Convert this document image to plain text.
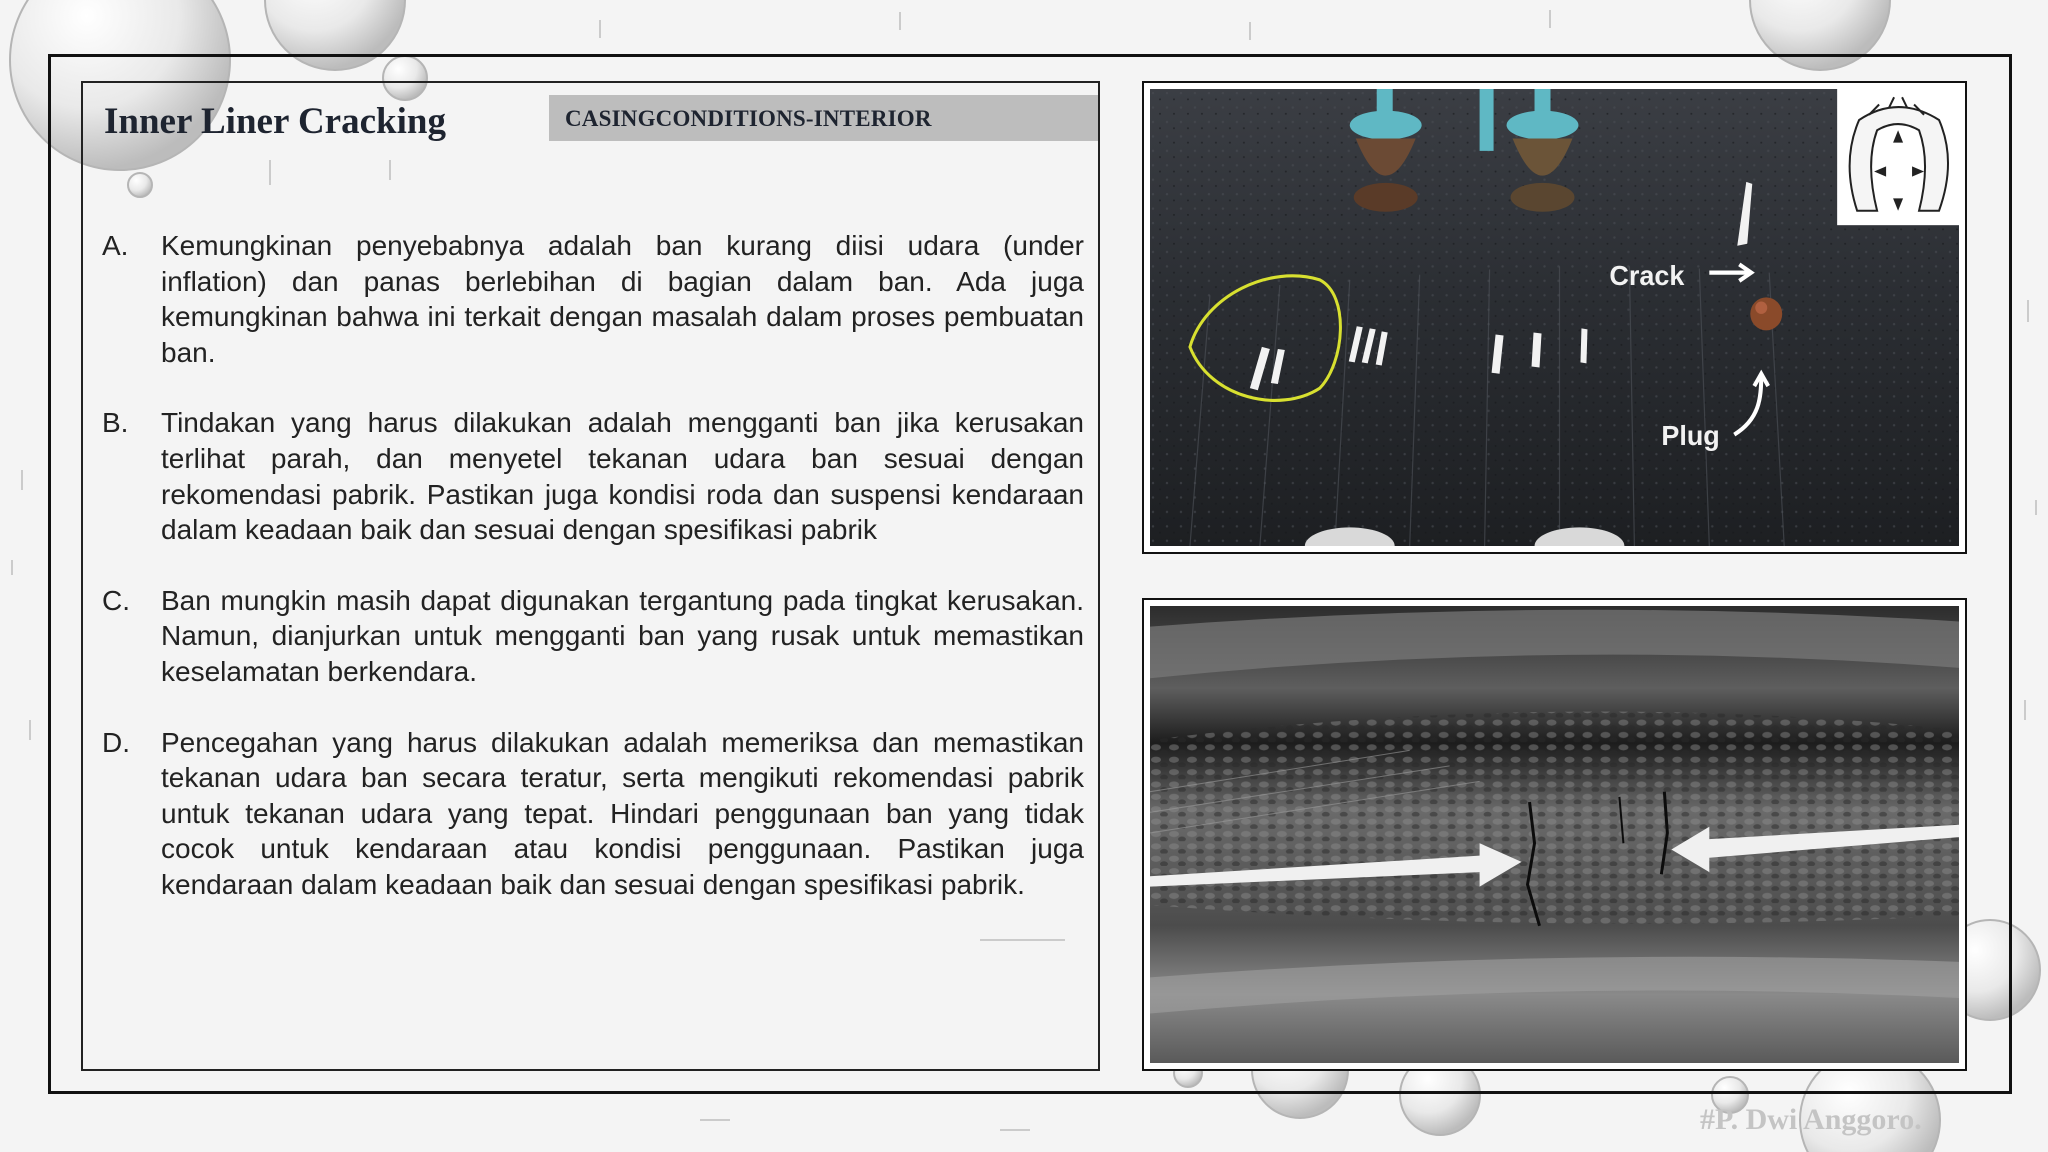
Inner Liner Cracking	CASINGCONDITIONS-INTERIOR
A.	Kemungkinan penyebabnya adalah ban kurang diisi udara (under inflation) dan panas berlebihan di bagian dalam ban. Ada juga kemungkinan bahwa ini terkait dengan masalah dalam proses pembuatan ban.
B.	Tindakan yang harus dilakukan adalah mengganti ban jika kerusakan terlihat parah, dan menyetel tekanan udara ban sesuai dengan rekomendasi pabrik. Pastikan juga kondisi roda dan suspensi kendaraan dalam keadaan baik dan sesuai dengan spesifikasi pabrik
C.	Ban mungkin masih dapat digunakan tergantung pada tingkat kerusakan. Namun, dianjurkan untuk mengganti ban yang rusak untuk memastikan keselamatan berkendara.
D.	Pencegahan yang harus dilakukan adalah memeriksa dan memastikan tekanan udara ban secara teratur, serta mengikuti rekomendasi pabrik untuk tekanan udara yang tepat. Hindari penggunaan ban yang tidak cocok untuk kendaraan atau kondisi penggunaan. Pastikan juga kendaraan dalam keadaan baik dan sesuai dengan spesifikasi pabrik.
Crack
Plug
#P. Dwi Anggoro.
